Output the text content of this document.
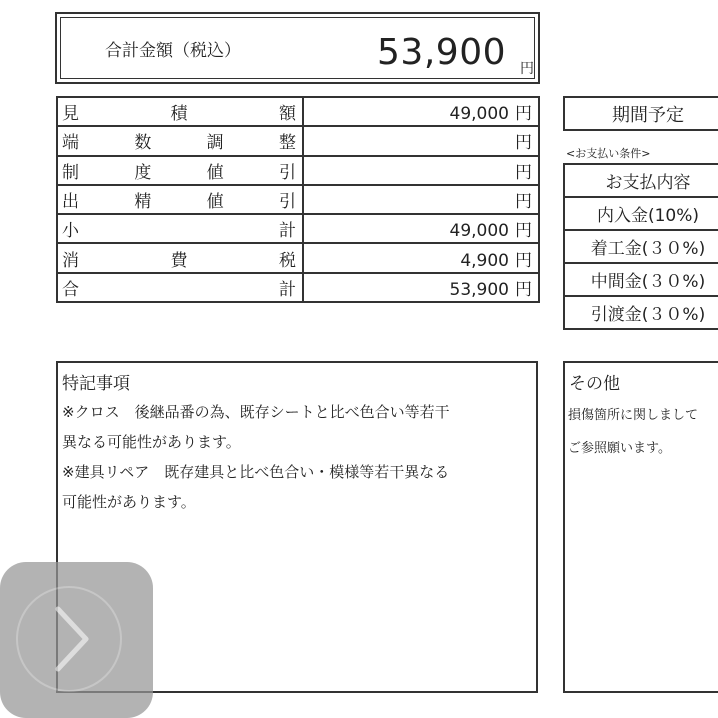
合計金額（税込）	53,900 円
見 積 額	49,000 円

端 数 調 整	円

制 度 値 引	円

出 精 値 引	円

小 計	49,000 円

消 費 税	4,900 円

合 計	53,900 円
期間予定
<お支払い条件>
お支払内容
内入金(10%)
着工金(３０%)
中間金(３０%)
引渡金(３０%)
特記事項
※クロス　後継品番の為、既存シートと比べ色合い等若干
異なる可能性があります。
※建具リペア　既存建具と比べ色合い・模様等若干異なる
可能性があります。
その他
損傷箇所に関しまして
ご参照願います。
